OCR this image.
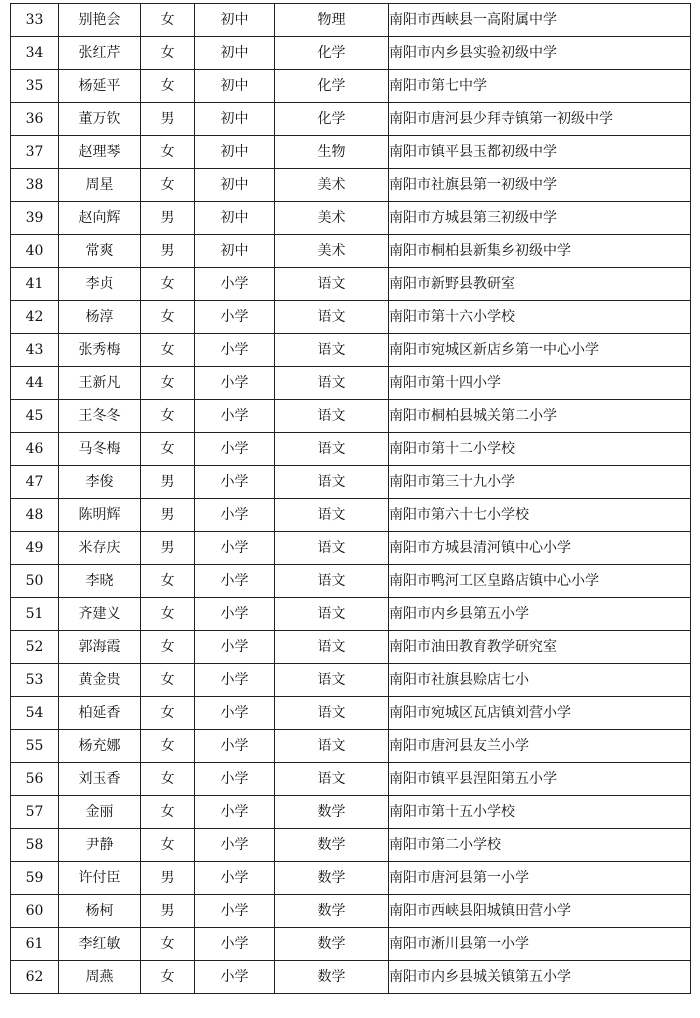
33	别艳会	女	初中	物理	南阳市西峡县一高附属中学
34	张红芹	女	初中	化学	南阳市内乡县实验初级中学
35	杨延平	女	初中	化学	南阳市第七中学
36	董万钦	男	初中	化学	南阳市唐河县少拜寺镇第一初级中学
37	赵理琴	女	初中	生物	南阳市镇平县玉都初级中学
38	周星	女	初中	美术	南阳市社旗县第一初级中学
39	赵向辉	男	初中	美术	南阳市方城县第三初级中学
40	常爽	男	初中	美术	南阳市桐柏县新集乡初级中学
41	李贞	女	小学	语文	南阳市新野县教研室
42	杨淳	女	小学	语文	南阳市第十六小学校
43	张秀梅	女	小学	语文	南阳市宛城区新店乡第一中心小学
44	王新凡	女	小学	语文	南阳市第十四小学
45	王冬冬	女	小学	语文	南阳市桐柏县城关第二小学
46	马冬梅	女	小学	语文	南阳市第十二小学校
47	李俊	男	小学	语文	南阳市第三十九小学
48	陈明辉	男	小学	语文	南阳市第六十七小学校
49	米存庆	男	小学	语文	南阳市方城县清河镇中心小学
50	李晓	女	小学	语文	南阳市鸭河工区皇路店镇中心小学
51	齐建义	女	小学	语文	南阳市内乡县第五小学
52	郭海霞	女	小学	语文	南阳市油田教育教学研究室
53	黄金贵	女	小学	语文	南阳市社旗县赊店七小
54	柏延香	女	小学	语文	南阳市宛城区瓦店镇刘营小学
55	杨充娜	女	小学	语文	南阳市唐河县友兰小学
56	刘玉香	女	小学	语文	南阳市镇平县涅阳第五小学
57	金丽	女	小学	数学	南阳市第十五小学校
58	尹静	女	小学	数学	南阳市第二小学校
59	许付臣	男	小学	数学	南阳市唐河县第一小学
60	杨柯	男	小学	数学	南阳市西峡县阳城镇田营小学
61	李红敏	女	小学	数学	南阳市淅川县第一小学
62	周燕	女	小学	数学	南阳市内乡县城关镇第五小学
